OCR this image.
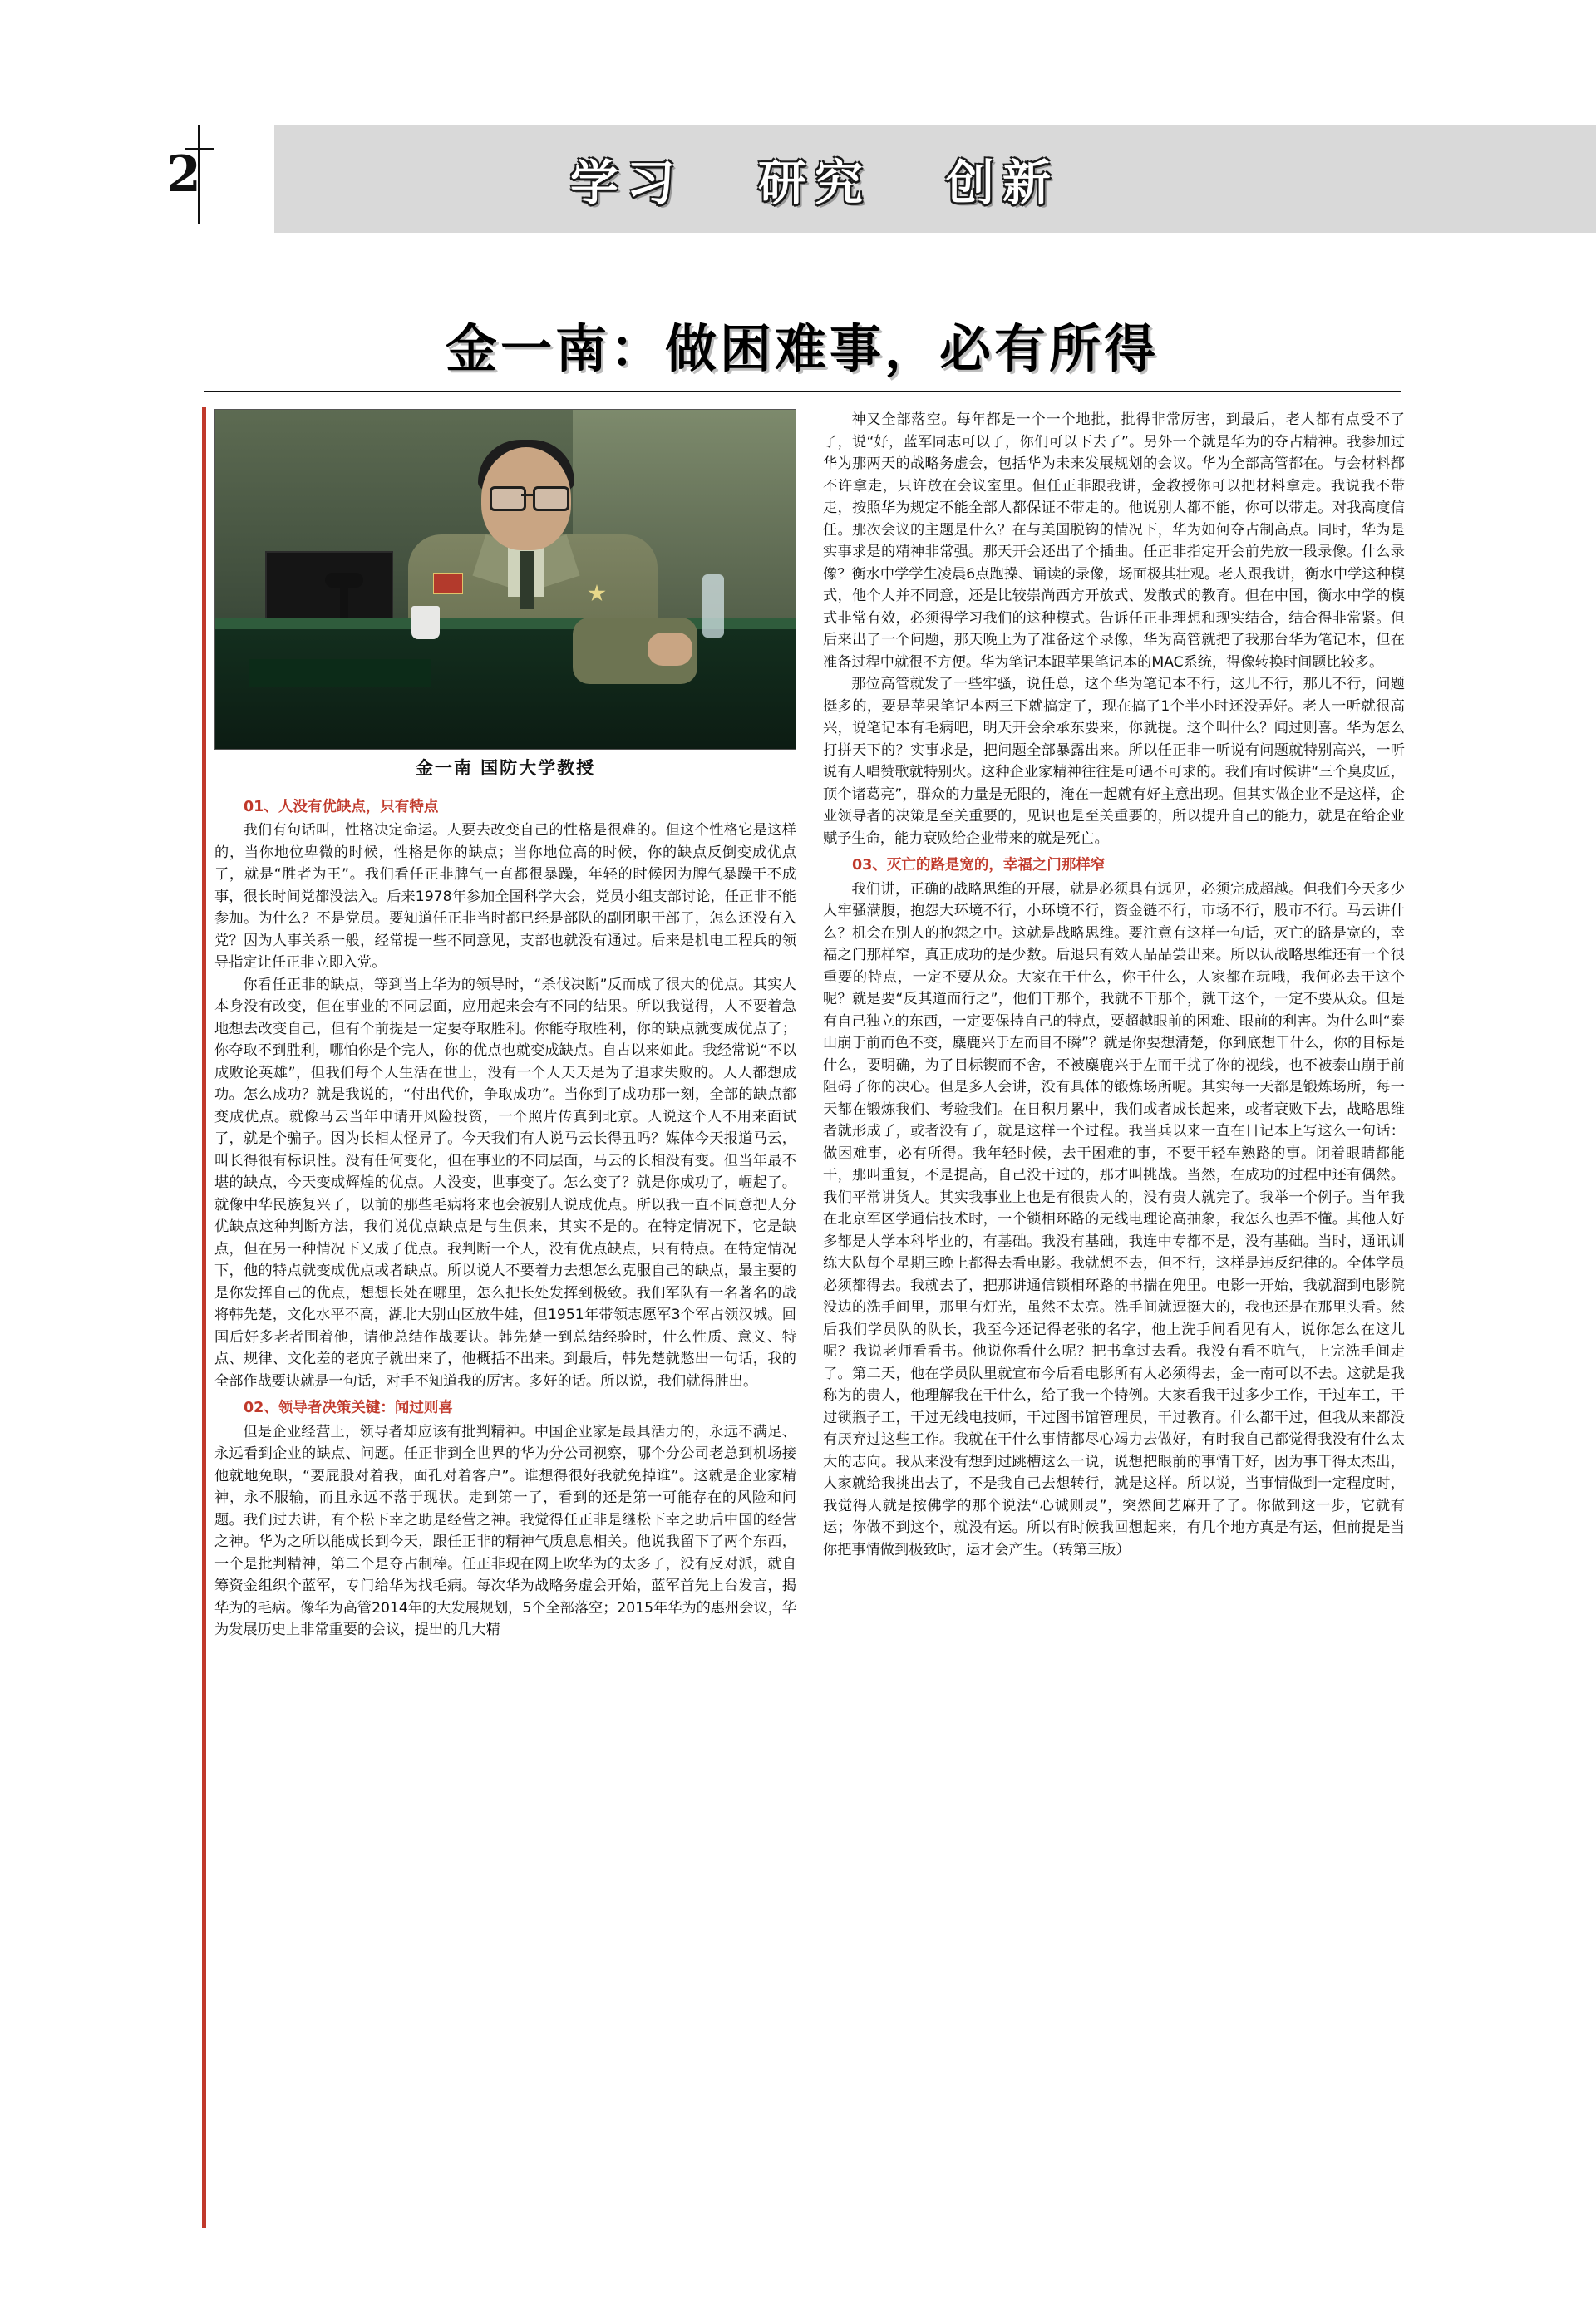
2	学习 研究 创新
金一南：做困难事，必有所得
金一南 国防大学教授
01、人没有优缺点，只有特点

我们有句话叫，性格决定命运。人要去改变自己的性格是很难的。但这个性格它是这样的，当你地位卑微的时候，性格是你的缺点；当你地位高的时候，你的缺点反倒变成优点了，就是“胜者为王”。我们看任正非脾气一直都很暴躁，年轻的时候因为脾气暴躁干不成事，很长时间党都没法入。后来1978年参加全国科学大会，党员小组支部讨论，任正非不能参加。为什么？不是党员。要知道任正非当时都已经是部队的副团职干部了，怎么还没有入党？因为人事关系一般，经常提一些不同意见，支部也就没有通过。后来是机电工程兵的领导指定让任正非立即入党。

你看任正非的缺点，等到当上华为的领导时，“杀伐决断”反而成了很大的优点。其实人本身没有改变，但在事业的不同层面，应用起来会有不同的结果。所以我觉得，人不要着急地想去改变自己，但有个前提是一定要夺取胜利。你能夺取胜利，你的缺点就变成优点了；你夺取不到胜利，哪怕你是个完人，你的优点也就变成缺点。自古以来如此。我经常说“不以成败论英雄”，但我们每个人生活在世上，没有一个人天天是为了追求失败的。人人都想成功。怎么成功？就是我说的，“付出代价，争取成功”。当你到了成功那一刻，全部的缺点都变成优点。就像马云当年申请开风险投资，一个照片传真到北京。人说这个人不用来面试了，就是个骗子。因为长相太怪异了。今天我们有人说马云长得丑吗？媒体今天报道马云，叫长得很有标识性。没有任何变化，但在事业的不同层面，马云的长相没有变。但当年最不堪的缺点，今天变成辉煌的优点。人没变，世事变了。怎么变了？就是你成功了，崛起了。就像中华民族复兴了，以前的那些毛病将来也会被别人说成优点。所以我一直不同意把人分优缺点这种判断方法，我们说优点缺点是与生俱来，其实不是的。在特定情况下，它是缺点，但在另一种情况下又成了优点。我判断一个人，没有优点缺点，只有特点。在特定情况下，他的特点就变成优点或者缺点。所以说人不要着力去想怎么克服自己的缺点，最主要的是你发挥自己的优点，想想长处在哪里，怎么把长处发挥到极致。我们军队有一名著名的战将韩先楚，文化水平不高，湖北大别山区放牛娃，但1951年带领志愿军3个军占领汉城。回国后好多老者围着他，请他总结作战要诀。韩先楚一到总结经验时，什么性质、意义、特点、规律、文化差的老庶子就出来了，他概括不出来。到最后，韩先楚就憋出一句话，我的全部作战要诀就是一句话，对手不知道我的厉害。多好的话。所以说，我们就得胜出。

02、领导者决策关键：闻过则喜

但是企业经营上，领导者却应该有批判精神。中国企业家是最具活力的，永远不满足、永远看到企业的缺点、问题。任正非到全世界的华为分公司视察，哪个分公司老总到机场接他就地免职，“要屁股对着我，面孔对着客户”。谁想得很好我就免掉谁”。这就是企业家精神，永不服输，而且永远不落于现状。走到第一了，看到的还是第一可能存在的风险和问题。我们过去讲，有个松下幸之助是经营之神。我觉得任正非是继松下幸之助后中国的经营之神。华为之所以能成长到今天，跟任正非的精神气质息息相关。他说我留下了两个东西，一个是批判精神，第二个是夺占制棒。任正非现在网上吹华为的太多了，没有反对派，就自筹资金组织个蓝军，专门给华为找毛病。每次华为战略务虚会开始，蓝军首先上台发言，揭华为的毛病。像华为高管2014年的大发展规划，5个全部落空；2015年华为的惠州会议，华为发展历史上非常重要的会议，提出的几大精

神又全部落空。每年都是一个一个地批，批得非常厉害，到最后，老人都有点受不了了，说“好，蓝军同志可以了，你们可以下去了”。另外一个就是华为的夺占精神。我参加过华为那两天的战略务虚会，包括华为未来发展规划的会议。华为全部高管都在。与会材料都不许拿走，只许放在会议室里。但任正非跟我讲，金教授你可以把材料拿走。我说我不带走，按照华为规定不能全部人都保证不带走的。他说别人都不能，你可以带走。对我高度信任。那次会议的主题是什么？在与美国脱钩的情况下，华为如何夺占制高点。同时，华为是实事求是的精神非常强。那天开会还出了个插曲。任正非指定开会前先放一段录像。什么录像？衡水中学学生凌晨6点跑操、诵读的录像，场面极其壮观。老人跟我讲，衡水中学这种模式，他个人并不同意，还是比较崇尚西方开放式、发散式的教育。但在中国，衡水中学的模式非常有效，必须得学习我们的这种模式。告诉任正非理想和现实结合，结合得非常紧。但后来出了一个问题，那天晚上为了准备这个录像，华为高管就把了我那台华为笔记本，但在准备过程中就很不方便。华为笔记本跟苹果笔记本的MAC系统，得像转换时间题比较多。

那位高管就发了一些牢骚，说任总，这个华为笔记本不行，这儿不行，那儿不行，问题挺多的，要是苹果笔记本两三下就搞定了，现在搞了1个半小时还没弄好。老人一听就很高兴，说笔记本有毛病吧，明天开会余承东要来，你就提。这个叫什么？闻过则喜。华为怎么打拼天下的？实事求是，把问题全部暴露出来。所以任正非一听说有问题就特别高兴，一听说有人唱赞歌就特别火。这种企业家精神往往是可遇不可求的。我们有时候讲“三个臭皮匠，顶个诸葛亮”，群众的力量是无限的，淹在一起就有好主意出现。但其实做企业不是这样，企业领导者的决策是至关重要的，见识也是至关重要的，所以提升自己的能力，就是在给企业赋予生命，能力衰败给企业带来的就是死亡。

03、灭亡的路是宽的，幸福之门那样窄

我们讲，正确的战略思维的开展，就是必须具有远见，必须完成超越。但我们今天多少人牢骚满腹，抱怨大环境不行，小环境不行，资金链不行，市场不行，股市不行。马云讲什么？机会在别人的抱怨之中。这就是战略思维。要注意有这样一句话，灭亡的路是宽的，幸福之门那样窄，真正成功的是少数。后退只有效人品品尝出来。所以认战略思维还有一个很重要的特点，一定不要从众。大家在干什么，你干什么，人家都在玩哦，我何必去干这个呢？就是要“反其道而行之”，他们干那个，我就不干那个，就干这个，一定不要从众。但是有自己独立的东西，一定要保持自己的特点，要超越眼前的困难、眼前的利害。为什么叫“泰山崩于前而色不变，麋鹿兴于左而目不瞬”？就是你要想清楚，你到底想干什么，你的目标是什么，要明确，为了目标锲而不舍，不被麋鹿兴于左而干扰了你的视线，也不被泰山崩于前阻碍了你的决心。但是多人会讲，没有具体的锻炼场所呢。其实每一天都是锻炼场所，每一天都在锻炼我们、考验我们。在日积月累中，我们或者成长起来，或者衰败下去，战略思维者就形成了，或者没有了，就是这样一个过程。我当兵以来一直在日记本上写这么一句话：做困难事，必有所得。我年轻时候，去干困难的事，不要干轻车熟路的事。闭着眼睛都能干，那叫重复，不是提高，自己没干过的，那才叫挑战。当然，在成功的过程中还有偶然。我们平常讲货人。其实我事业上也是有很贵人的，没有贵人就完了。我举一个例子。当年我在北京军区学通信技术时，一个锁相环路的无线电理论高抽象，我怎么也弄不懂。其他人好多都是大学本科毕业的，有基础。我没有基础，我连中专都不是，没有基础。当时，通讯训练大队每个星期三晚上都得去看电影。我就想不去，但不行，这样是违反纪律的。全体学员必须都得去。我就去了，把那讲通信锁相环路的书揣在兜里。电影一开始，我就溜到电影院没边的洗手间里，那里有灯光，虽然不太亮。洗手间就逗挺大的，我也还是在那里头看。然后我们学员队的队长，我至今还记得老张的名字，他上洗手间看见有人，说你怎么在这儿呢？我说老师看看书。他说你看什么呢？把书拿过去看。我没有看不吭气，上完洗手间走了。第二天，他在学员队里就宣布今后看电影所有人必须得去，金一南可以不去。这就是我称为的贵人，他理解我在干什么，给了我一个特例。大家看我干过多少工作，干过车工，干过锁瓶子工，干过无线电技师，干过图书馆管理员，干过教育。什么都干过，但我从来都没有厌弃过这些工作。我就在干什么事情都尽心竭力去做好，有时我自己都觉得我没有什么太大的志向。我从来没有想到过跳槽这么一说，说想把眼前的事情干好，因为事干得太杰出，人家就给我挑出去了，不是我自己去想转行，就是这样。所以说，当事情做到一定程度时，我觉得人就是按佛学的那个说法“心诚则灵”，突然间艺麻开了了。你做到这一步，它就有运；你做不到这个，就没有运。所以有时候我回想起来，有几个地方真是有运，但前提是当你把事情做到极致时，运才会产生。（转第三版）
